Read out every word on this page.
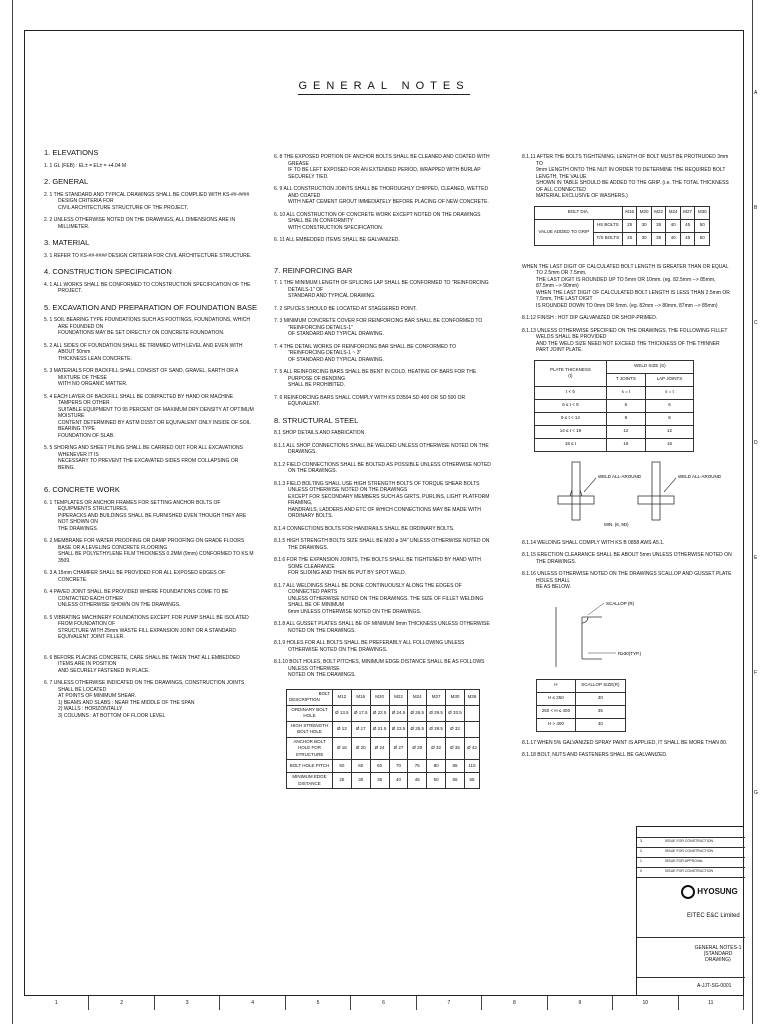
GENERAL NOTES
1. ELEVATIONS
1. 1 GL (FEB) : EL± = EL± = +4.04 M
2. GENERAL
2. 1 THE STANDARD AND TYPICAL DRAWINGS SHALL BE COMPLIED WITH KS-##-#### DESIGN CRITERIA FOR
CIVIL ARCHITECTURE STRUCTURE OF THE PROJECT.
2. 2 UNLESS OTHERWISE NOTED ON THE DRAWINGS, ALL DIMENSIONS ARE IN MILLIMETER.
3. MATERIAL
3. 1 REFER TO KS-##-#### DESIGN CRITERIA FOR CIVIL ARCHITECTURE STRUCTURE.
4. CONSTRUCTION SPECIFICATION
4. 1 ALL WORKS SHALL BE CONFORMED TO CONSTRUCTION SPECIFICATION OF THE PROJECT.
5. EXCAVATION AND PREPARATION OF FOUNDATION BASE
5. 1 SOIL BEARING TYPE FOUNDATIONS SUCH AS FOOTINGS, FOUNDATIONS, WHICH ARE FOUNDED ON
FOUNDATIONS MAY BE SET DIRECTLY ON CONCRETE FOUNDATION.
5. 2 ALL SIDES OF FOUNDATION SHALL BE TRIMMED WITH LEVEL AND EVEN WITH ABOUT 50mm
THICKNESS LEAN CONCRETE.
5. 3 MATERIALS FOR BACKFILL SHALL CONSIST OF SAND, GRAVEL, EARTH OR A MIXTURE OF THESE
WITH NO ORGANIC MATTER.
5. 4 EACH LAYER OF BACKFILL SHALL BE COMPACTED BY HAND OR MACHINE TAMPERS OR OTHER
SUITABLE EQUIPMENT TO 95 PERCENT OF MAXIMUM DRY DENSITY AT OPTIMUM MOISTURE
CONTENT DETERMINED BY ASTM D1557 OR EQUIVALENT ONLY INSIDE OF SOIL BEARING TYPE
FOUNDATION OF SLAB.
5. 5 SHORING AND SHEET PILING SHALL BE CARRIED OUT FOR ALL EXCAVATIONS WHENEVER IT IS
NECESSARY TO PREVENT THE EXCAVATED SIDES FROM COLLAPSING OR BEING.
6. CONCRETE WORK
6. 1 TEMPLATES OR ANCHOR FRAMES FOR SETTING ANCHOR BOLTS OF EQUIPMENTS STRUCTURES,
PIPERACKS AND BUILDINGS SHALL BE FURNISHED EVEN THOUGH THEY ARE NOT SHOWN ON
THE DRAWINGS.
6. 2 MEMBRANE FOR WATER PROOFING OR DAMP PROOFING ON GRADE FLOORS BASE OR A LEVELING CONCRETE FLOORING
SHALL BE POLYETHYLENE FILM THICKNESS 0.2MM (9mm) CONFORMED TO KS M 3509.
6. 3 A 15mm CHAMFER SHALL BE PROVIDED FOR ALL EXPOSED EDGES OF CONCRETE.
6. 4 PAVED JOINT SHALL BE PROVIDED WHERE FOUNDATIONS COME TO BE CONTACTED EACH OTHER
UNLESS OTHERWISE SHOWN ON THE DRAWINGS.
6. 5 VIBRATING MACHINERY FOUNDATIONS EXCEPT FOR PUMP SHALL BE ISOLATED FROM FOUNDATION OF
STRUCTURE WITH 25mm WASTE FILL EXPANSION JOINT OR A STANDARD EQUIVALENT JOINT FILLER.
6. 6 BEFORE PLACING CONCRETE, CARE SHALL BE TAKEN THAT ALL EMBEDDED ITEMS ARE IN POSITION
AND SECURELY FASTENED IN PLACE.
6. 7 UNLESS OTHERWISE INDICATED ON THE DRAWINGS, CONSTRUCTION JOINTS SHALL BE LOCATED
AT POINTS OF MINIMUM SHEAR.
1) BEAMS AND SLABS : NEAR THE MIDDLE OF THE SPAN
2) WALLS : HORIZONTALLY
3) COLUMNS : AT BOTTOM OF FLOOR LEVEL
6. 8 THE EXPOSED PORTION OF ANCHOR BOLTS SHALL BE CLEANED AND COATED WITH GREASE
IF TO BE LEFT EXPOSED FOR AN EXTENDED PERIOD, WRAPPED WITH BURLAP SECURELY TIED.
6. 9 ALL CONSTRUCTION JOINTS SHALL BE THOROUGHLY CHIPPED, CLEANED, WETTED AND COATED
WITH NEAT CEMENT GROUT IMMEDIATELY BEFORE PLACING OF NEW CONCRETE.
6. 10 ALL CONSTRUCTION OF CONCRETE WORK EXCEPT NOTED ON THE DRAWINGS SHALL BE IN CONFORMITY
WITH CONSTRUCTION SPECIFICATION.
6. 11 ALL EMBEDDED ITEMS SHALL BE GALVANIZED.
7. REINFORCING BAR
7. 1 THE MINIMUM LENGTH OF SPLICING LAP SHALL BE CONFORMED TO "REINFORCING DETAILS-1" OF
STANDARD AND TYPICAL DRAWING.
7. 2 SPLICES SHOULD BE LOCATED AT STAGGERED POINT.
7. 3 MINIMUM CONCRETE COVER FOR REINFORCING BAR SHALL BE CONFORMED TO "REINFORCING DETAILS-1"
OF STANDARD AND TYPICAL DRAWING.
7. 4 THE DETAIL WORKS OF REINFORCING BAR SHALL BE CONFORMED TO "REINFORCING DETAILS-1 ~ 3"
OF STANDARD AND TYPICAL DRAWING.
7. 5 ALL REINFORCING BARS SHALL BE BENT IN COLD. HEATING OF BARS FOR THE PURPOSE OF BENDING
SHALL BE PROHIBITED.
7. 6 REINFORCING BARS SHALL COMPLY WITH KS D3504 SD 400 OR SD 500 OR EQUIVALENT.
8. STRUCTURAL STEEL
8.1 SHOP DETAILS AND FABRICATION
8.1.1 ALL SHOP CONNECTIONS SHALL BE WELDED UNLESS OTHERWISE NOTED ON THE DRAWINGS.
8.1.2 FIELD CONNECTIONS SHALL BE BOLTED AS POSSIBLE UNLESS OTHERWISE NOTED ON THE DRAWINGS.
8.1.3 FIELD BOLTING SHALL USE HIGH STRENGTH BOLTS OF TORQUE SHEAR BOLTS UNLESS OTHERWISE NOTED ON THE DRAWINGS
EXCEPT FOR SECONDARY MEMBERS SUCH AS GIRTS, PURLINS, LIGHT PLATFORM FRAMING,
HANDRAILS, LADDERS AND ETC OF WHICH CONNECTIONS MAY BE MADE WITH ORDINARY BOLTS.
8.1.4 CONNECTIONS BOLTS FOR HANDRAILS SHALL BE ORDINARY BOLTS.
8.1.5 HIGH STRENGTH BOLTS SIZE SHALL BE M20 ø 3/4" UNLESS OTHERWISE NOTED ON THE DRAWINGS.
8.1.6 FOR THE EXPANSION JOINTS, THE BOLTS SHALL BE TIGHTENED BY HAND WITH SOME CLEARANCE
FOR SLIDING AND THEN BE PUT BY SPOT WELD.
8.1.7 ALL WELDINGS SHALL BE DONE CONTINUOUSLY ALONG THE EDGES OF CONNECTED PARTS
UNLESS OTHERWISE NOTED ON THE DRAWINGS. THE SIZE OF FILLET WELDING SHALL BE OF MINIMUM
6mm UNLESS OTHERWISE NOTED ON THE DRAWINGS.
8.1.8 ALL GUSSET PLATES SHALL BE OF MINIMUM 9mm THICKNESS UNLESS OTHERWISE NOTED ON THE DRAWINGS.
8.1.9 HOLES FOR ALL BOLTS SHALL BE PREFERABLY ALL FOLLOWING UNLESS OTHERWISE NOTED ON THE DRAWINGS.
8.1.10 BOLT HOLES, BOLT PITCHES, MINIMUM EDGE DISTANCE SHALL BE AS FOLLOWS UNLESS OTHERWISE
NOTED ON THE DRAWINGS.
BOLT

DESCRIPTION	M12	M16	M20	M22	M24	M27	M30	M36
ORDINARY BOLT HOLE	Ø 13.5	Ø 17.5	Ø 22.5	Ø 24.5	Ø 26.5	Ø 29.5	Ø 33.5	
HIGH STRENGTH BOLT HOLE	Ø 13	Ø 17	Ø 21.5	Ø 23.5	Ø 25.5	Ø 28.5	Ø 32	
ANCHOR BOLT HOLE FOR STRUCTURE	Ø 16	Ø 20	Ø 24	Ø 27	Ø 29	Ø 32	Ø 35	Ø 42
BOLT HOLE PITCH	50	60	60	70	75	80	85	110
MINIMUM EDGE DISTANCE	25	30	35	40	45	50	55	65
8.1.11 AFTER THE BOLTS TIGHTENING, LENGTH OF BOLT MUST BE PROTRUDED 3mm TO
9mm LENGTH ONTO THE NUT IN ORDER TO DETERMINE THE REQUIRED BOLT LENGTH, THE VALUE
SHOWN IN TABLE SHOULD BE ADDED TO THE GRIP. (i.e. THE TOTAL THICKNESS OF ALL CONNECTED
MATERIAL EXCLUSIVE OF WASHERS.)
BOLT DIA.		M16	M20	M22	M24	M27	M30
VALUE ADDED TO GRIP	HS BOLTS	25	30	35	40	45	50
	T/S BOLTS	25	30	35	40	45	50
WHEN THE LAST DIGIT OF CALCULATED BOLT LENGTH IS GREATER THAN OR EQUAL TO 2.5mm OR 7.5mm,
THE LAST DIGIT IS ROUNDED UP TO 5mm OR 10mm. (eg. 82.5mm --> 85mm, 87.5mm --> 90mm)
WHEN THE LAST DIGIT OF CALCULATED BOLT LENGTH IS LESS THAN 2.5mm OR 7.5mm, THE LAST DIGIT
IS ROUNDED DOWN TO 0mm OR 5mm. (eg. 82mm --> 80mm, 87mm --> 85mm)
8.1.12 FINISH : HOT DIP GALVANIZED OR SHOP-PRIMED.
8.1.13 UNLESS OTHERWISE SPECIFIED ON THE DRAWINGS, THE FOLLOWING FILLET WELDS SHALL BE PROVIDED
AND THE WELD SIZE NEED NOT EXCEED THE THICKNESS OF THE THINNER PART JOINT PLATE.
PLATE THICKNESS
(t)	WELD SIZE (S)	
	T JOINTS	LAP JOINTS
t < 6	s = t	s = t
6 ≤ t < 9	6	6
9 ≤ t < 14	8	8
14 ≤ t < 19	12	12
19 ≤ t	16	16
WELD ALL-AROUND	WELD ALL-AROUND
MIN. (6, 9D)
8.1.14 WELDING SHALL COMPLY WITH KS B 0858 AWS A5.1.
8.1.15 ERECTION CLEARANCE SHALL BE ABOUT 5mm UNLESS OTHERWISE NOTED ON THE DRAWINGS.
8.1.16 UNLESS OTHERWISE NOTED ON THE DRAWINGS SCALLOP AND GUSSET PLATE HOLES SHALL
BE AS BELOW.
SCALLOP (R)
R≥30(TYP.)
H	SCALLOP SIZE(R)
H ≤ 250	30
250 < H ≤ 400	35
H > 400	40
8.1.17 WHEN 5% GALVANIZED SPRAY PAINT IS APPLIED, IT SHALL BE MORE THAN 80.
8.1.18 BOLT, NUTS AND FASTENERS SHALL BE GALVANIZED.
3	ISSUE FOR CONSTRUCTION
2	ISSUE FOR CONSTRUCTION
1	ISSUE FOR APPROVAL
0	ISSUE FOR CONSTRUCTION
HYOSUNG
EITEC E&C Limited
GENERAL NOTES-1
(STANDARD DRAWING)
A-JJT-SG-0001
1	2	3	4	5	6	7	8	9	10	11
A
B
C
D
E
F
G
